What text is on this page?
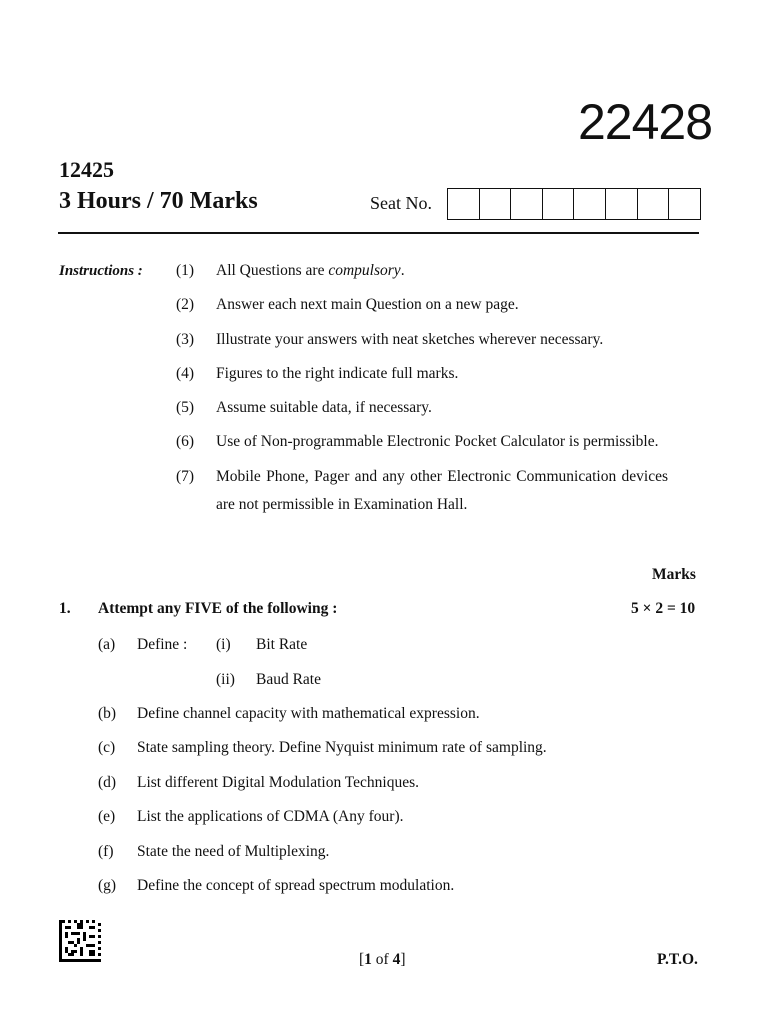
22428
12425
3 Hours / 70 Marks	Seat No.
Instructions : (1)	All Questions are compulsory.
(2)	Answer each next main Question on a new page.
(3)	Illustrate your answers with neat sketches wherever necessary.
(4)	Figures to the right indicate full marks.
(5)	Assume suitable data, if necessary.
(6)	Use of Non-programmable Electronic Pocket Calculator is permissible.
(7)	Mobile Phone, Pager and any other Electronic Communication devices are not permissible in Examination Hall.
Marks
1. Attempt any FIVE of the following :	5 × 2 = 10
(a) Define : (i) Bit Rate
(ii) Baud Rate
(b) Define channel capacity with mathematical expression.
(c) State sampling theory. Define Nyquist minimum rate of sampling.
(d) List different Digital Modulation Techniques.
(e) List the applications of CDMA (Any four).
(f) State the need of Multiplexing.
(g) Define the concept of spread spectrum modulation.
[1 of 4]	P.T.O.
